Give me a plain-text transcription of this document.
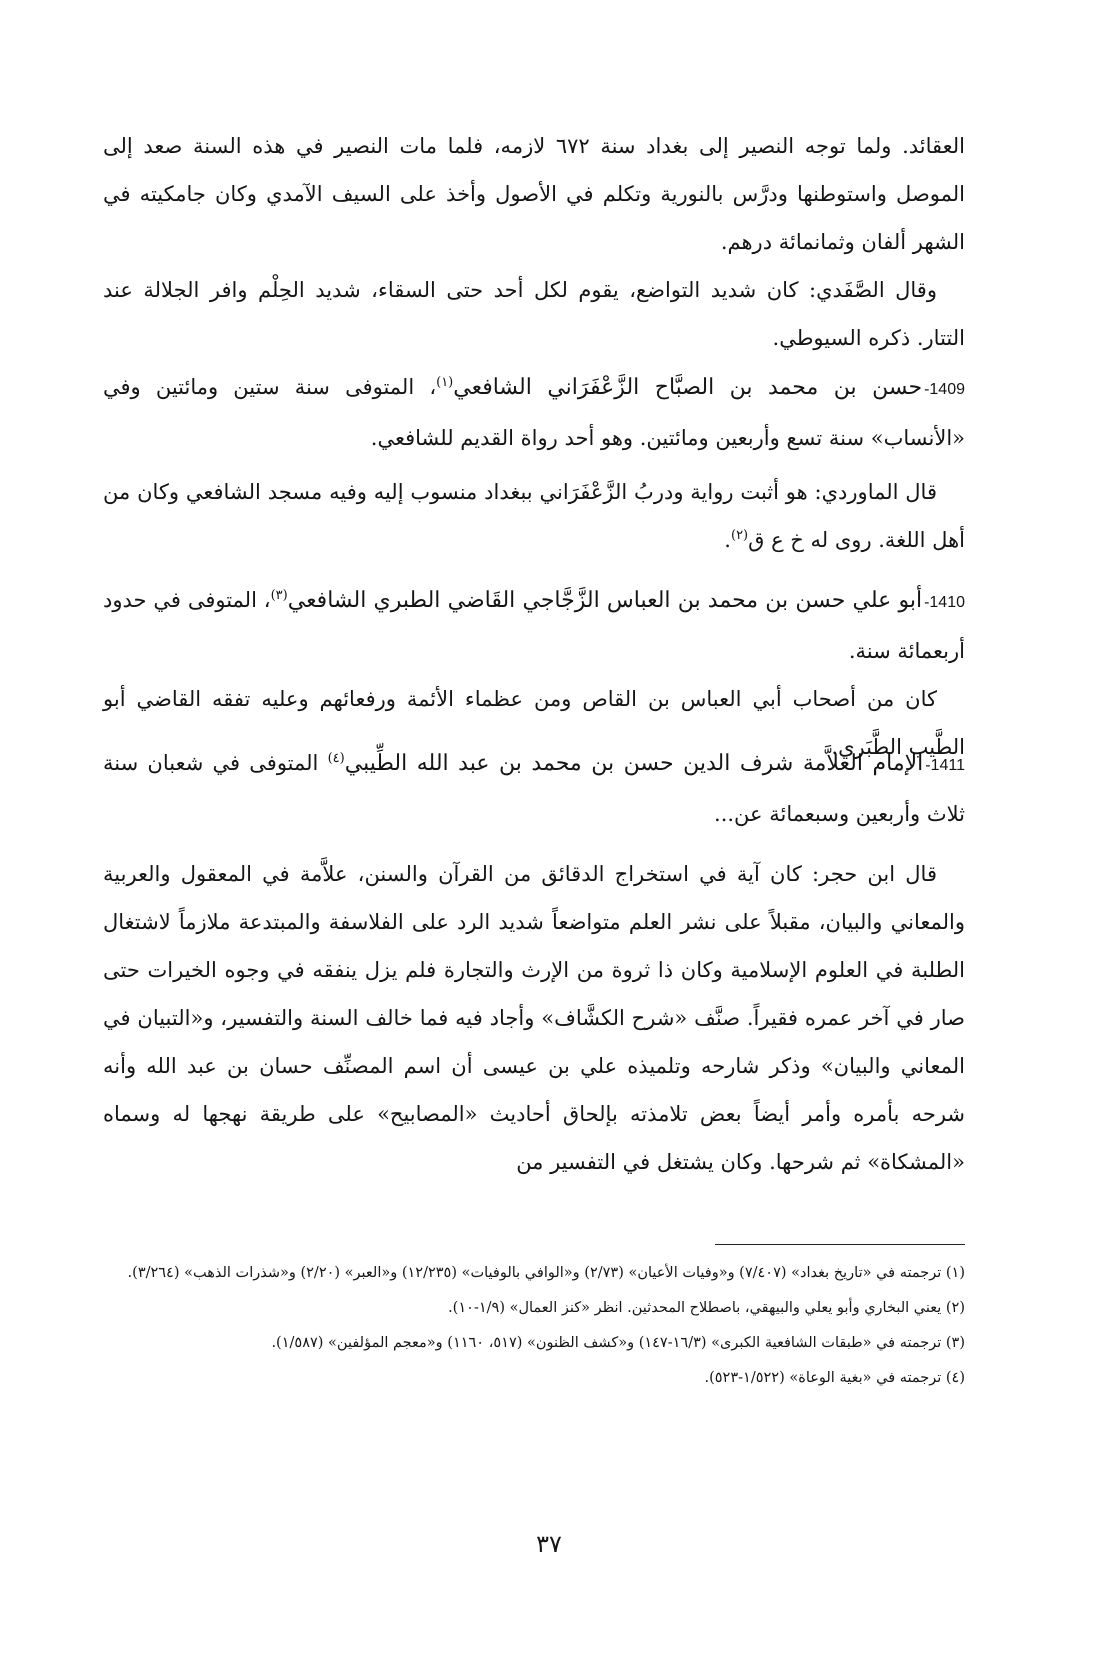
العقائد. ولما توجه النصير إلى بغداد سنة ٦٧٢ لازمه، فلما مات النصير في هذه السنة صعد إلى الموصل واستوطنها ودرَّس بالنورية وتكلم في الأصول وأخذ على السيف الآمدي وكان جامكيته في الشهر ألفان وثمانمائة درهم.

وقال الصَّفَدي: كان شديد التواضع، يقوم لكل أحد حتى السقاء، شديد الحِلْم وافر الجلالة عند التتار. ذكره السيوطي.

1409-حسن بن محمد بن الصبَّاح الزَّعْفَرَاني الشافعي$^{(١)}$، المتوفى سنة ستين ومائتين وفي «الأنساب» سنة تسع وأربعين ومائتين. وهو أحد رواة القديم للشافعي.

قال الماوردي: هو أثبت رواية ودربُ الزَّعْفَرَاني ببغداد منسوب إليه وفيه مسجد الشافعي وكان من أهل اللغة. روى له خ ع ق$^{(٢)}$.

1410-أبو علي حسن بن محمد بن العباس الزَّجَّاجي القَاضي الطبري الشافعي$^{(٣)}$، المتوفى في حدود أربعمائة سنة.

كان من أصحاب أبي العباس بن القاص ومن عظماء الأئمة ورفعائهم وعليه تفقه القاضي أبو الطَّيب الطَّبَري.

1411-الإمام العلاَّمة شرف الدين حسن بن محمد بن عبد الله الطِّيبي$^{(٤)}$ المتوفى في شعبان سنة ثلاث وأربعين وسبعمائة عن...

قال ابن حجر: كان آية في استخراج الدقائق من القرآن والسنن، علاَّمة في المعقول والعربية والمعاني والبيان، مقبلاً على نشر العلم متواضعاً شديد الرد على الفلاسفة والمبتدعة ملازماً لاشتغال الطلبة في العلوم الإسلامية وكان ذا ثروة من الإرث والتجارة فلم يزل ينفقه في وجوه الخيرات حتى صار في آخر عمره فقيراً. صنَّف «شرح الكشَّاف» وأجاد فيه فما خالف السنة والتفسير، و«التبيان في المعاني والبيان» وذكر شارحه وتلميذه علي بن عيسى أن اسم المصنِّف حسان بن عبد الله وأنه شرحه بأمره وأمر أيضاً بعض تلامذته بإلحاق أحاديث «المصابيح» على طريقة نهجها له وسماه «المشكاة» ثم شرحها. وكان يشتغل في التفسير من

(١) ترجمته في «تاريخ بغداد» (٧/٤٠٧) و«وفيات الأعيان» (٢/٧٣) و«الوافي بالوفيات» (١٢/٢٣٥) و«العبر» (٢/٢٠) و«شذرات الذهب» (٣/٢٦٤).

(٢) يعني البخاري وأبو يعلي والبيهقي، باصطلاح المحدثين. انظر «كنز العمال» (١/٩-١٠).

(٣) ترجمته في «طبقات الشافعية الكبرى» (١٦/٣-١٤٧) و«كشف الظنون» (٥١٧، ١١٦٠) و«معجم المؤلفين» (١/٥٨٧).

(٤) ترجمته في «بغية الوعاة» (١/٥٢٢-٥٢٣).

٣٧
